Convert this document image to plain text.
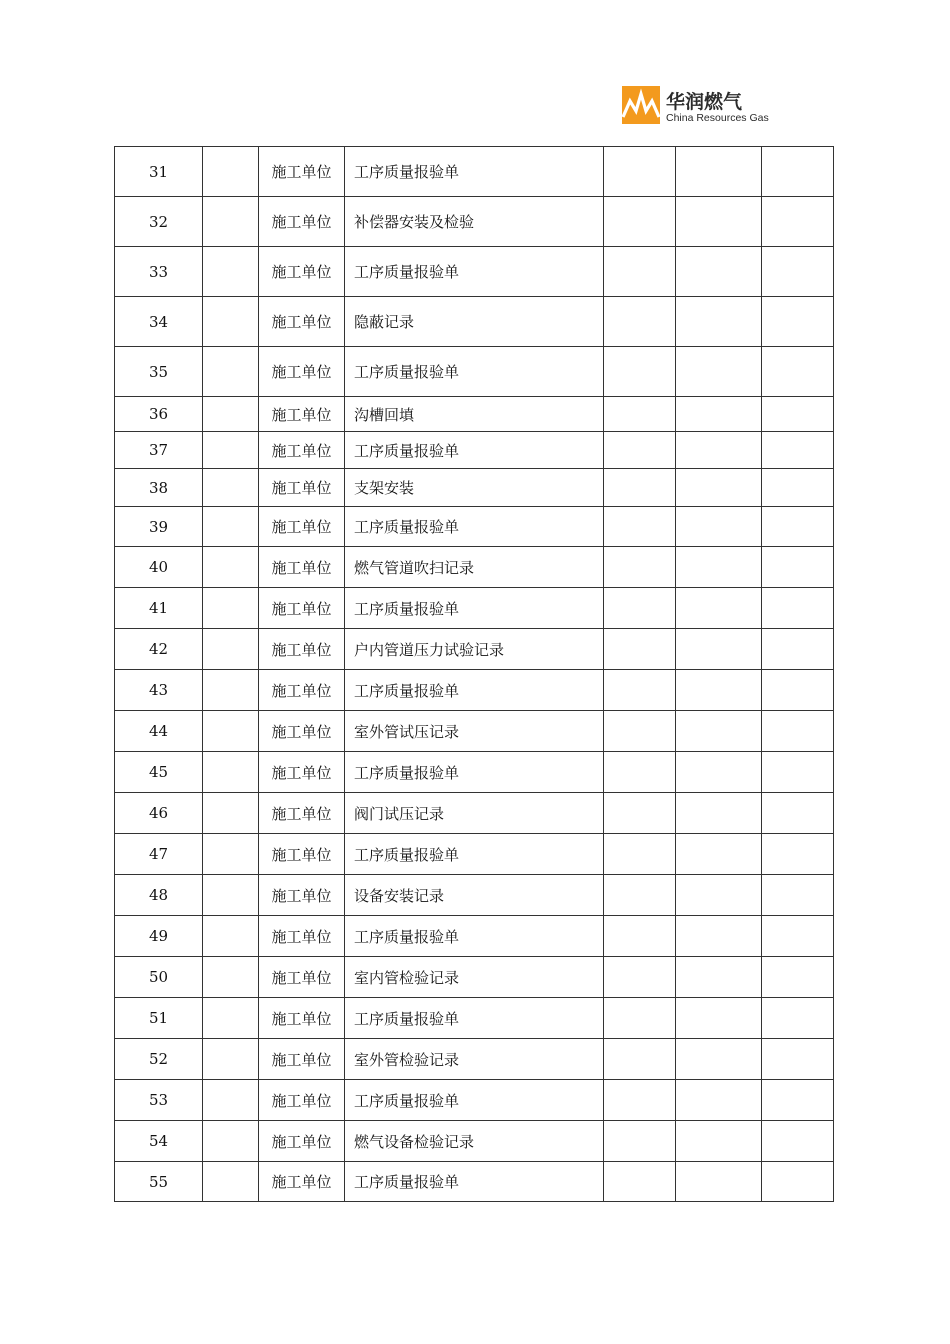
华润燃气
China Resources Gas
31		施工单位	工序质量报验单			
32		施工单位	补偿器安装及检验			
33		施工单位	工序质量报验单			
34		施工单位	隐蔽记录			
35		施工单位	工序质量报验单			
36		施工单位	沟槽回填			
37		施工单位	工序质量报验单			
38		施工单位	支架安装			
39		施工单位	工序质量报验单			
40		施工单位	燃气管道吹扫记录			
41		施工单位	工序质量报验单			
42		施工单位	户内管道压力试验记录			
43		施工单位	工序质量报验单			
44		施工单位	室外管试压记录			
45		施工单位	工序质量报验单			
46		施工单位	阀门试压记录			
47		施工单位	工序质量报验单			
48		施工单位	设备安装记录			
49		施工单位	工序质量报验单			
50		施工单位	室内管检验记录			
51		施工单位	工序质量报验单			
52		施工单位	室外管检验记录			
53		施工单位	工序质量报验单			
54		施工单位	燃气设备检验记录			
55		施工单位	工序质量报验单			
